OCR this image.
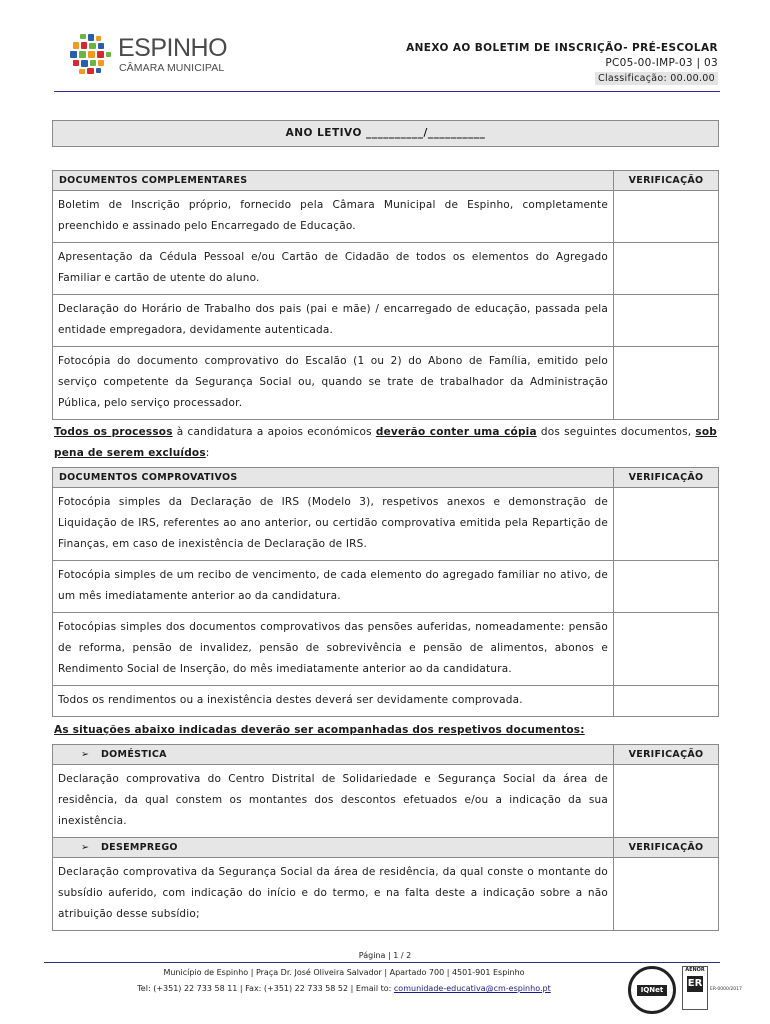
ESPINHO
CÂMARA MUNICIPAL
ANEXO AO BOLETIM DE INSCRIÇÃO- PRÉ-ESCOLAR
PC05-00-IMP-03 | 03
Classificação: 00.00.00
ANO LETIVO __________/__________
DOCUMENTOS COMPLEMENTARES	VERIFICAÇÃO
Boletim de Inscrição próprio, fornecido pela Câmara Municipal de Espinho, completamente preenchido e assinado pelo Encarregado de Educação.	
Apresentação da Cédula Pessoal e/ou Cartão de Cidadão de todos os elementos do Agregado Familiar e cartão de utente do aluno.	
Declaração do Horário de Trabalho dos pais (pai e mãe) / encarregado de educação, passada pela entidade empregadora, devidamente autenticada.	
Fotocópia do documento comprovativo do Escalão (1 ou 2) do Abono de Família, emitido pelo serviço competente da Segurança Social ou, quando se trate de trabalhador da Administração Pública, pelo serviço processador.	
Todos os processos à candidatura a apoios económicos deverão conter uma cópia dos seguintes documentos, sob pena de serem excluídos:
DOCUMENTOS COMPROVATIVOS	VERIFICAÇÃO
Fotocópia simples da Declaração de IRS (Modelo 3), respetivos anexos e demonstração de Liquidação de IRS, referentes ao ano anterior, ou certidão comprovativa emitida pela Repartição de Finanças, em caso de inexistência de Declaração de IRS.	
Fotocópia simples de um recibo de vencimento, de cada elemento do agregado familiar no ativo, de um mês imediatamente anterior ao da candidatura.	
Fotocópias simples dos documentos comprovativos das pensões auferidas, nomeadamente: pensão de reforma, pensão de invalidez, pensão de sobrevivência e pensão de alimentos, abonos e Rendimento Social de Inserção, do mês imediatamente anterior ao da candidatura.	
Todos os rendimentos ou a inexistência destes deverá ser devidamente comprovada.	
As situações abaixo indicadas deverão ser acompanhadas dos respetivos documentos:
➢ DOMÉSTICA	VERIFICAÇÃO
Declaração comprovativa do Centro Distrital de Solidariedade e Segurança Social da área de residência, da qual constem os montantes dos descontos efetuados e/ou a indicação da sua inexistência.	
➢ DESEMPREGO	VERIFICAÇÃO
Declaração comprovativa da Segurança Social da área de residência, da qual conste o montante do subsídio auferido, com indicação do início e do termo, e na falta deste a indicação sobre a não atribuição desse subsídio;	
Página | 1 / 2
Município de Espinho | Praça Dr. José Oliveira Salvador | Apartado 700 | 4501-901 Espinho
Tel: (+351) 22 733 58 11 | Fax: (+351) 22 733 58 52 | Email to: comunidade-educativa@cm-espinho.pt	IQNet
AENOR
ER
ER-0000/2017
